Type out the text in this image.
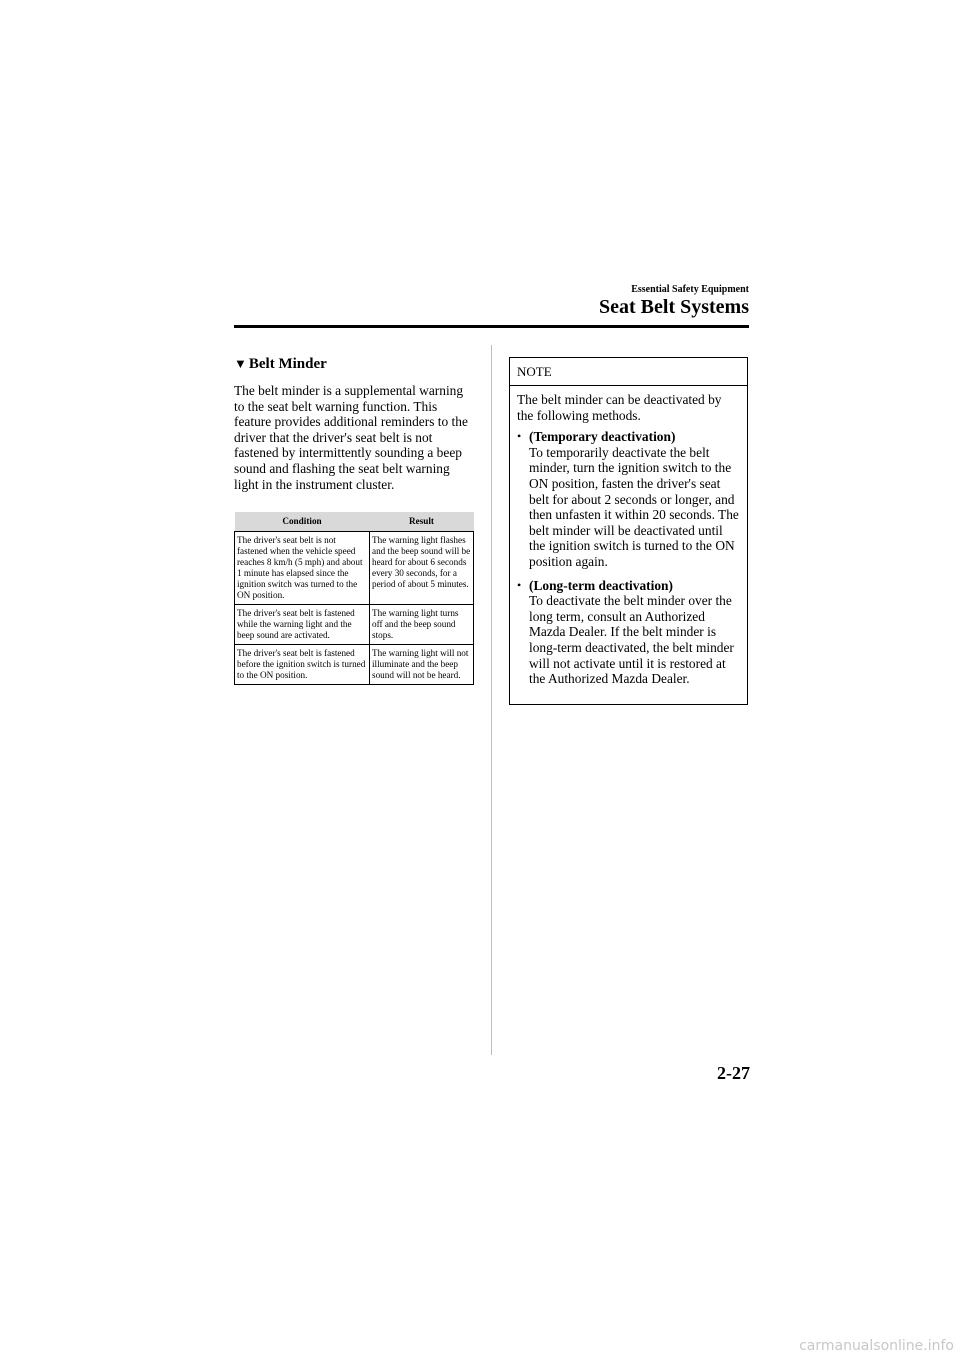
Essential Safety Equipment
Seat Belt Systems
▼ Belt Minder

The belt minder is a supplemental warning to the seat belt warning function. This feature provides additional reminders to the driver that the driver's seat belt is not fastened by intermittently sounding a beep sound and flashing the seat belt warning light in the instrument cluster.

Condition	Result
The driver's seat belt is not fastened when the vehicle speed reaches 8 km/h (5 mph) and about 1 minute has elapsed since the ignition switch was turned to the ON position.	The warning light flashes and the beep sound will be heard for about 6 seconds every 30 seconds, for a period of about 5 minutes.
The driver's seat belt is fastened while the warning light and the beep sound are activated.	The warning light turns off and the beep sound stops.
The driver's seat belt is fastened before the ignition switch is turned to the ON position.	The warning light will not illuminate and the beep sound will not be heard.
NOTE

The belt minder can be deactivated by the following methods.

• (Temporary deactivation)
To temporarily deactivate the belt minder, turn the ignition switch to the ON position, fasten the driver's seat belt for about 2 seconds or longer, and then unfasten it within 20 seconds. The belt minder will be deactivated until the ignition switch is turned to the ON position again.
• (Long-term deactivation)
To deactivate the belt minder over the long term, consult an Authorized Mazda Dealer. If the belt minder is long-term deactivated, the belt minder will not activate until it is restored at the Authorized Mazda Dealer.
2-27
carmanualsonline.info
